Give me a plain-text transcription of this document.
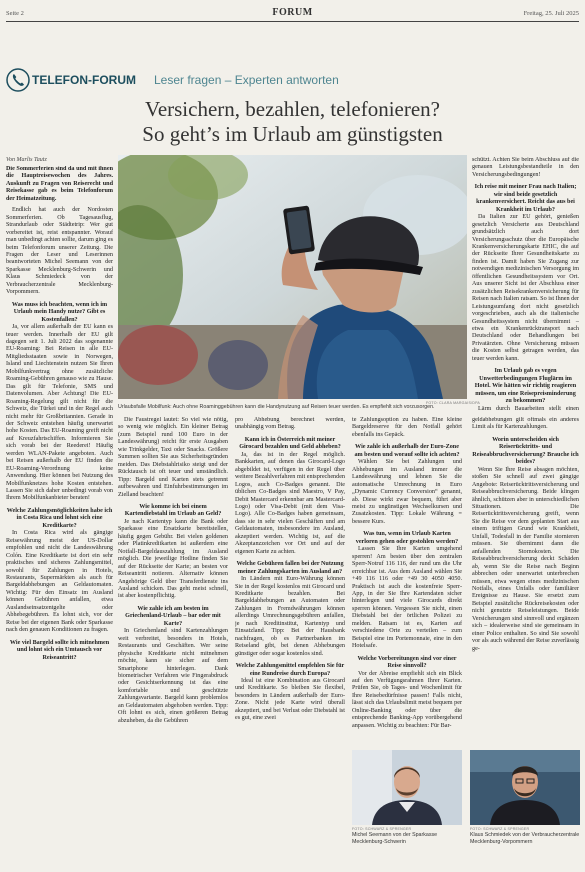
Seite 2	FORUM	Freitag, 25. Juli 2025
TELEFON-FORUM Leser fragen – Experten antworten
Versichern, bezahlen, telefonieren?
So geht’s im Urlaub am günstigsten
Von Marlis Tautz
FOTO: CLARA MARGAIS/DPA
Urlaubsfalle Mobilfunk: Auch ohne Roaminggebühren kann die Handynutzung auf Reisen teuer werden. Es empfiehlt sich vorzusorgen.

Die Sommerferien sind da und mit ihnen die Hauptreisewochen des Jahres. Auskunft zu Fragen von Reiserecht und Reisekasse gab es beim Telefonforum der Heimatzeitung.

Endlich hat auch der Nordosten Sommerferien. Ob Tagesausflug, Strandurlaub oder Städtetrip: Wer gut vorbereitet ist, reist entspannter. Worauf man unbedingt achten sollte, darum ging es beim Telefonforum unserer Zeitung. Die Fragen der Leser und Leserinnen beantworteten Michel Seemann von der Sparkasse Mecklenburg-Schwerin und Klaus Schmiedeck von der Verbraucherzentrale Mecklenburg-Vorpommern.

Was muss ich beachten, wenn ich im Urlaub mein Handy nutze? Gibt es Kostenfallen?

Ja, vor allem außerhalb der EU kann es teuer werden. Innerhalb der EU gilt dagegen seit 1. Juli 2022 das sogenannte EU-Roaming: Bei Reisen in alle EU-Mitgliedsstaaten sowie in Norwegen, Island und Liechtenstein nutzen Sie Ihren Mobilfunkvertrag ohne zusätzliche Roaming-Gebühren genauso wie zu Hause. Das gilt für Telefonie, SMS und Datenvolumen. Aber Achtung! Die EU-Roaming-Regelung gilt nicht für die Schweiz, die Türkei und in der Regel auch nicht mehr für Großbritannien. Gerade in der Schweiz entstehen häufig unerwartet hohe Kosten. Das EU-Roaming greift nicht auf Kreuzfahrtschiffen. Informieren Sie sich vorab bei der Reederei! Häufig werden WLAN-Pakete angeboten. Auch bei Reisen außerhalb der EU finden die EU-Roaming-Verordnung keine Anwendung. Hier können bei Nutzung des Mobilfunknetzes hohe Kosten entstehen. Lassen Sie sich daher unbedingt vorab von Ihrem Mobilfunkanbieter beraten!

Welche Zahlungsmöglichkeiten habe ich in Costa Rica und lohnt sich eine Kreditkarte?

In Costa Rica wird als gängige Reisewährung meist der US-Dollar empfohlen und nicht die Landeswährung Colón. Eine Kreditkarte ist dort ein sehr praktisches und sicheres Zahlungsmittel, sowohl für Zahlungen in Hotels, Restaurants, Supermärkten als auch für Bargeldabhebungen an Geldautomaten. Wichtig: Für den Einsatz im Ausland können Gebühren anfallen, etwa Auslandseinsatzentgelte oder Abhebegebühren. Es lohnt sich, vor der Reise bei der eigenen Bank oder Sparkasse nach den genauen Konditionen zu fragen.

Wie viel Bargeld sollte ich mitnehmen und lohnt sich ein Umtausch vor Reiseantritt?

Die Faustregel lautet: So viel wie nötig, so wenig wie möglich. Ein kleiner Betrag (zum Beispiel rund 100 Euro in der Landeswährung) reicht für erste Ausgaben wie Trinkgelder, Taxi oder Snacks. Größere Summen sollten Sie aus Sicherheitsgründen meiden. Das Diebstahlrisiko steigt und der Rücktausch ist oft teuer und umständlich. Tipp: Bargeld und Karten stets getrennt aufbewahren und Einfuhrbestimmungen im Zielland beachten!

Wie komme ich bei einem Kartendiebstahl im Urlaub an Geld?

Je nach Kartentyp kann die Bank oder Sparkasse eine Ersatzkarte bereitstellen, häufig gegen Gebühr. Bei vielen goldenen oder Platinkreditkarten ist außerdem eine Notfall-Bargeldauszahlung im Ausland möglich. Die jeweilige Hotline finden Sie auf der Rückseite der Karte; an besten vor Reiseantritt notieren. Alternativ können Angehörige Geld über Transferdienste ins Ausland schicken. Das geht meist schnell, ist aber kostenpflichtig.

Wie zahle ich am besten im Griechenland-Urlaub – bar oder mit Karte?

In Griechenland sind Kartenzahlungen weit verbreitet, besonders in Hotels, Restaurants und Geschäften. Wer seine physische Kreditkarte nicht mitnehmen möchte, kann sie sicher auf dem Smartphone hinterlegen. Dank biometrischer Verfahren wie Fingerabdruck oder Gesichtserkennung ist das eine komfortable und geschützte Zahlungsvariante. Bargeld kann problemlos an Geldautomaten abgehoben werden. Tipp: Oft lohnt es sich, einen größeren Betrag abzuheben, da die Gebühren

pro Abhebung berechnet werden, unabhängig vom Betrag.

Kann ich in Österreich mit meiner Girocard bezahlen und Geld abheben?

Ja, das ist in der Regel möglich. Bankkarten, auf denen das Girocard-Logo abgebildet ist, verfügen in der Regel über weitere Bezahlverfahren mit entsprechenden Logos, auch Co-Badges genannt. Die üblichen Co-Badges sind Maestro, V Pay, Debit Mastercard erkennbar am Mastercard-Logo) oder Visa-Debit (mit dem Visa-Logo). Alle Co-Badges haben gemeinsam, dass sie in sehr vielen Geschäften und am Geldautomaten, insbesondere im Ausland, akzeptiert werden. Wichtig ist, auf die Akzeptanzzeichen vor Ort und auf der eigenen Karte zu achten.

Welche Gebühren fallen bei der Nutzung meiner Zahlungskarten im Ausland an?

In Ländern mit Euro-Währung können Sie in der Regel kostenlos mit Girocard und Kreditkarte bezahlen. Bei Bargeldabhebungen an Automaten oder Zahlungen in Fremdwährungen können allerdings Umrechnungsgebühren anfallen, je nach Kreditinstitut, Kartentyp und Einsatzland. Tipp: Bei der Hausbank nachfragen, ob es Partnerbanken im Reiseland gibt, bei denen Abhebungen günstiger oder sogar kostenlos sind.

Welche Zahlungsmittel empfehlen Sie für eine Rundreise durch Europa?

Ideal ist eine Kombination aus Girocard und Kreditkarte. So bleiben Sie flexibel, besonders in Ländern außerhalb der Euro-Zone. Nicht jede Karte wird überall akzeptiert, und bei Verlust oder Diebstahl ist es gut, eine zwei

te Zahlungsoption zu haben. Eine kleine Bargeldreserve für den Notfall gehört ebenfalls ins Gepäck.

Wie zahle ich außerhalb der Euro-Zone am besten und worauf sollte ich achten?

Wählen Sie bei Zahlungen und Abhebungen im Ausland immer die Landeswährung und lehnen Sie die automatische Umrechnung in Euro „Dynamic Currency Conversion“ genannt, ab. Diese wirkt zwar bequem, führt aber meist zu ungünstigen Wechselkursen und Zusatzkosten. Tipp: Lokale Währung = bessere Kurs.

Was tun, wenn im Urlaub Karten verloren gehen oder gestohlen werden?

Lassen Sie Ihre Karten umgehend sperren! Am besten über den zentralen Sperr-Notruf 116 116, der rund um die Uhr erreichbar ist. Aus dem Ausland wählen Sie +49 116 116 oder +49 30 4050 4050. Praktisch ist auch die kostenfreie Sperr-App, in der Sie Ihre Kartendaten sicher hinterlegen und viele Girocards direkt sperren können. Vergessen Sie nicht, einen Diebstahl bei der örtlichen Polizei zu melden. Ratsam ist es, Karten auf verschiedene Orte zu verteilen – zum Beispiel eine im Portemonnaie, eine in den Hotelsafe.

Welche Vorbereitungen sind vor einer Reise sinnvoll?

Vor der Abreise empfiehlt sich ein Blick auf den Verfügungsrahmen Ihrer Karten. Prüfen Sie, ob Tages- und Wochenlimit für Ihre Reisebedürfnisse passen! Falls nicht, lässt sich das Urlaubslimit meist bequem per Online-Banking oder über die entsprechende Banking-App vorübergehend anpassen. Wichtig zu beachten: Für Bar-

schützt. Achten Sie beim Abschluss auf die genauen Leistungsbestandteile in den Versicherungsbedingungen!

Ich reise mit meiner Frau nach Italien; wir sind beide gesetzlich krankenversichert. Reicht das aus bei Krankheit im Urlaub?

Da Italien zur EU gehört, genießen gesetzlich Versicherte aus Deutschland grundsätzlich auch dort Versicherungsschutz über die Europäische Krankenversicherungskarte EHIC, die auf der Rückseite Ihrer Gesundheitskarte zu finden ist. Damit haben Sie Zugang zur notwendigen medizinischen Versorgung im öffentlichen Gesundheitssystem vor Ort. Aus unserer Sicht ist der Abschluss einer zusätzlichen Reisekrankenversicherung für Reisen nach Italien ratsam. So ist Ihnen der Leistungsumfang dort nicht gesetzlich vorgeschrieben, auch als die italienische Gesundheitssystem nicht übernimmt – etwa ein Krankenrücktransport nach Deutschland oder Behandlungen bei Privatärzten. Ohne Versicherung müssen die Kosten selbst getragen werden, das teuer werden kann.

Im Urlaub gab es vegen Unwetterbedingungen Fluglärm im Hotel. Wie hätten wir richtig reagieren müssen, um eine Reisepreisminderung zu bekommen?

Lärm durch Bauarbeiten stellt einen

FOTO: SCHWARZ & SPRENGER
Michel Seemann von der Sparkasse Mecklenburg-Schwerin
FOTO: SCHWARZ & SPRENGER
Klaus Schmiedek von der Verbraucherzentrale Mecklenburg-Vorpommern

geldabhebungen gilt oftmals ein anderes Limit als für Kartenzahlungen.

Worin unterscheiden sich Reiserücktritts- und Reiseabbruchversicherung? Brauche ich beides?

Wenn Sie Ihre Reise absagen möchten, stoßen Sie schnell auf zwei gängige Angebote: Reiserücktrittsversicherung und Reiseabbruchversicherung. Beide klingen ähnlich, schützen aber in unterschiedlichen Situationen. Die Reiserücktrittsversicherung greift, wenn Sie die Reise vor dem geplanten Start aus einem triftigen Grund wie Krankheit, Unfall, Todesfall in der Familie stornieren müssen. Sie übernimmt dann die anfallenden Stornokosten. Die Reiseabbruchversicherung deckt Schäden ab, wenn Sie die Reise nach Beginn abbrechen oder unerwartet unterbrechen müssen, etwa wegen eines medizinischen Notfalls, eines Unfalls oder familiärer Ereignisse zu Hause. Sie ersetzt zum Beispiel zusätzliche Rückreisekosten oder nicht genutzte Reiseleistungen. Beide Versicherungen sind sinnvoll und ergänzen sich – idealerweise sind sie gemeinsam in einer Police enthalten. So sind Sie sowohl vor als auch während der Reise zuverlässig ge-
